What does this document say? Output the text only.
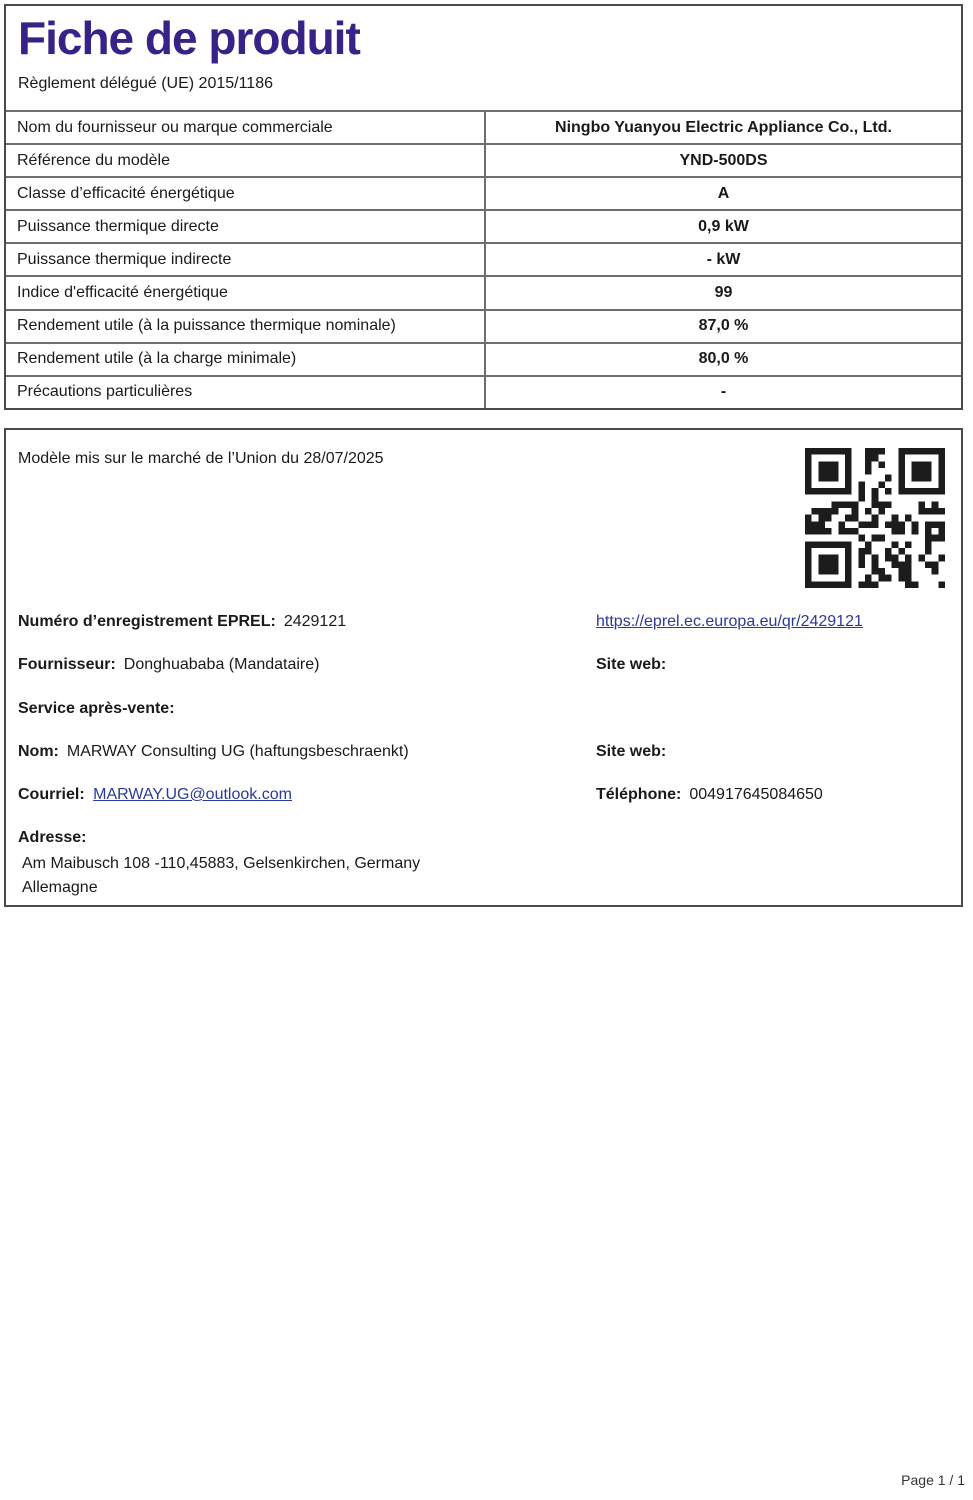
Fiche de produit
Règlement délégué (UE) 2015/1186
Nom du fournisseur ou marque commerciale	Ningbo Yuanyou Electric Appliance Co., Ltd.
Référence du modèle	YND-500DS
Classe d’efficacité énergétique	A
Puissance thermique directe	0,9 kW
Puissance thermique indirecte	- kW
Indice d'efficacité énergétique	99
Rendement utile (à la puissance thermique nominale)	87,0 %
Rendement utile (à la charge minimale)	80,0 %
Précautions particulières	-
Modèle mis sur le marché de l’Union du 28/07/2025
Numéro d’enregistrement EPREL: 2429121	https://eprel.ec.europa.eu/qr/2429121
Fournisseur: Donghuababa (Mandataire)	Site web:
Service après-vente:
Nom: MARWAY Consulting UG (haftungsbeschraenkt)	Site web:
Courriel: MARWAY.UG@outlook.com	Téléphone: 004917645084650
Adresse:
Am Maibusch 108 -110,45883, Gelsenkirchen, Germany
Allemagne
Page 1 / 1
